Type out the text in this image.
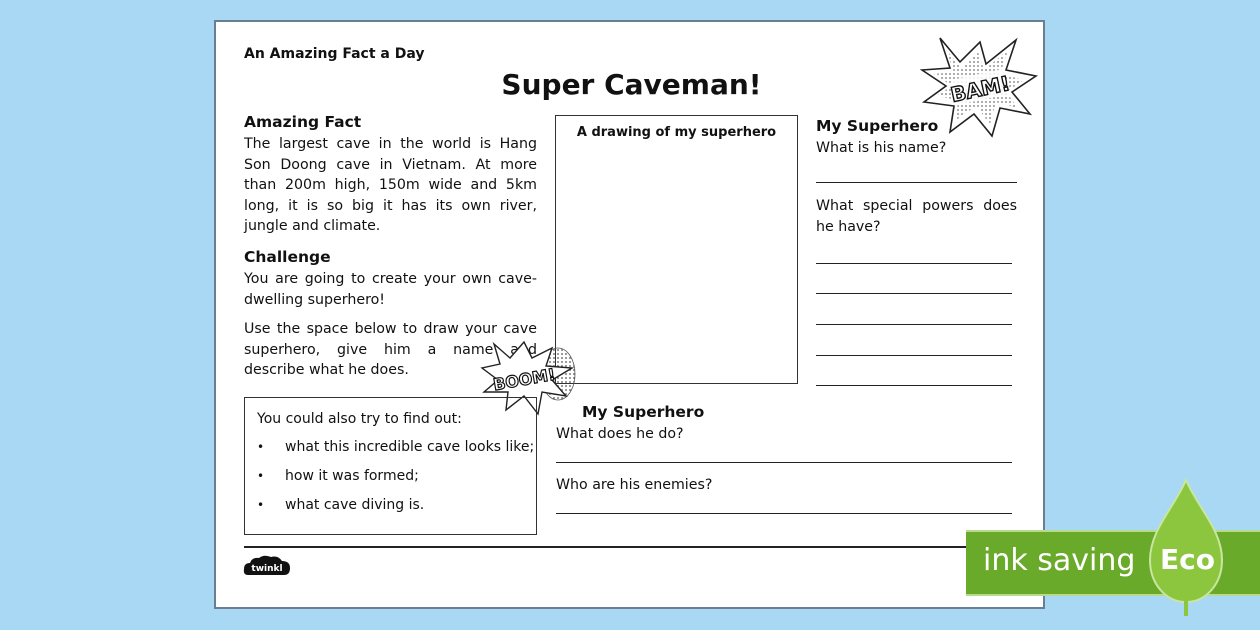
An Amazing Fact a Day
Super Caveman!	BAM!
Amazing Fact
The largest cave in the world is Hang Son Doong cave in Vietnam. At more than 200m high, 150m wide and 5km long, it is so big it has its own river, jungle and climate.
Challenge
You are going to create your own cave-dwelling superhero!
Use the space below to draw your cave superhero, give him a name and describe what he does.
A drawing of my superhero
BOOM!
You could also try to find out:
• what this incredible cave looks like;
• how it was formed;
• what cave diving is.
My Superhero
What is his name?
What special powers does he have?
My Superhero
What does he do?
Who are his enemies?
twinkl	ink saving Eco
